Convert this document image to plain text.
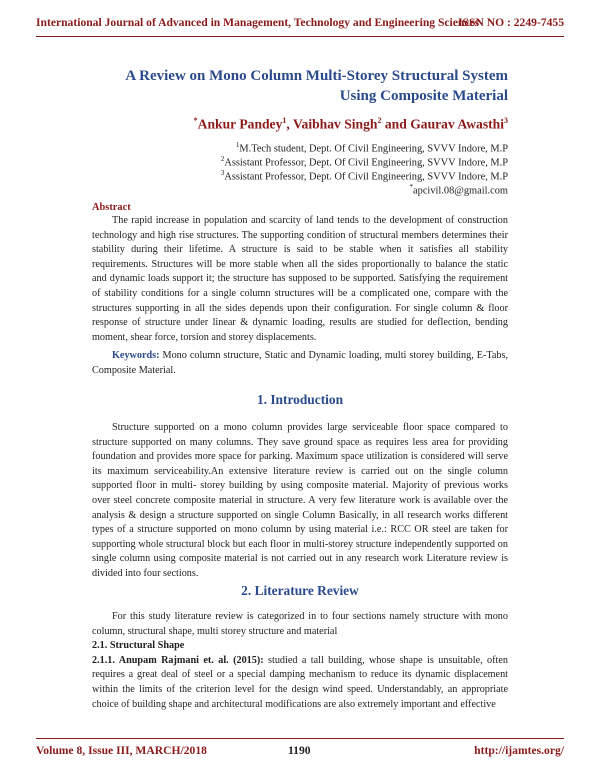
International Journal of Advanced in Management, Technology and Engineering Sciences
ISSN NO : 2249-7455
A Review on Mono Column Multi-Storey Structural System
Using Composite Material
*Ankur Pandey$^1$, Vaibhav Singh$^2$ and Gaurav Awasthi$^3$
$^1$M.Tech student, Dept. Of Civil Engineering, SVVV Indore, M.P
$^2$Assistant Professor, Dept. Of Civil Engineering, SVVV Indore, M.P
$^3$Assistant Professor, Dept. Of Civil Engineering, SVVV Indore, M.P
*apcivil.08@gmail.com
Abstract

The rapid increase in population and scarcity of land tends to the development of construction technology and high rise structures. The supporting condition of structural members determines their stability during their lifetime. A structure is said to be stable when it satisfies all stability requirements. Structures will be more stable when all the sides proportionally to balance the static and dynamic loads support it; the structure has supposed to be supported. Satisfying the requirement of stability conditions for a single column structures will be a complicated one, compare with the structures supporting in all the sides depends upon their configuration. For single column & floor response of structure under linear & dynamic loading, results are studied for deflection, bending moment, shear force, torsion and storey displacements.

Keywords: Mono column structure, Static and Dynamic loading, multi storey building, E-Tabs, Composite Material.
1. Introduction

Structure supported on a mono column provides large serviceable floor space compared to structure supported on many columns. They save ground space as requires less area for providing foundation and provides more space for parking. Maximum space utilization is considered will serve its maximum serviceability.An extensive literature review is carried out on the single column supported floor in multi- storey building by using composite material. Majority of previous works over steel concrete composite material in structure. A very few literature work is available over the analysis & design a structure supported on single Column Basically, in all research works different types of a structure supported on mono column by using material i.e.: RCC OR steel are taken for supporting whole structural block but each floor in multi-storey structure independently supported on single column using composite material is not carried out in any research work Literature review is divided into four sections.

2. Literature Review

For this study literature review is categorized in to four sections namely structure with mono column, structural shape, multi storey structure and material

2.1. Structural Shape

2.1.1. Anupam Rajmani et. al. (2015): studied a tall building, whose shape is unsuitable, often requires a great deal of steel or a special damping mechanism to reduce its dynamic displacement within the limits of the criterion level for the design wind speed. Understandably, an appropriate choice of building shape and architectural modifications are also extremely important and effective

Volume 8, Issue III, MARCH/2018	1190	http://ijamtes.org/
